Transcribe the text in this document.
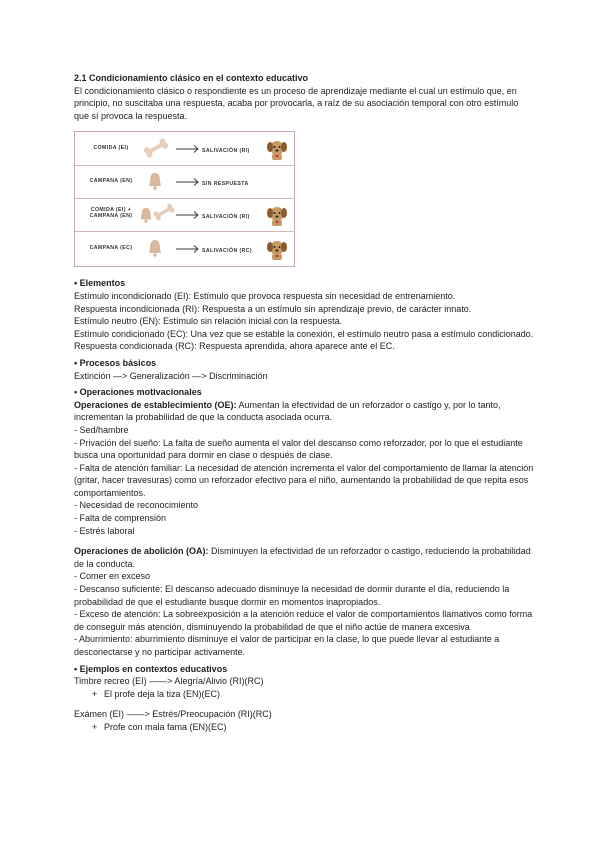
2.1 Condicionamiento clásico en el contexto educativo

El condicionamiento clásico o respondiente es un proceso de aprendizaje mediante el cual un estímulo que, en principio, no suscitaba una respuesta, acaba por provocarla, a raíz de su asociación temporal con otro estímulo que sí provoca la respuesta.

COMIDA (EI)	SALIVACIÓN (RI)
CAMPANA (EN)	SIN RESPUESTA
COMIDA (EI) + CAMPANA (EN)	SALIVACIÓN (RI)
CAMPANA (EC)	SALIVACIÓN (RC)

• Elementos

Estímulo incondicionado (EI): Estímulo que provoca respuesta sin necesidad de entrenamiento.

Respuesta incondicionada (RI): Respuesta a un estímulo sin aprendizaje previo, de carácter innato.

Estímulo neutro (EN): Estímulo sin relación inicial con la respuesta.

Estímulo condicionado (EC): Una vez que se estable la conexión, el estímulo neutro pasa a estímulo condicionado.

Respuesta condicionada (RC): Respuesta aprendida, ahora aparece ante el EC.

• Procesos básicos

Extinción —> Generalización —> Discriminación

• Operaciones motivacionales

Operaciones de establecimiento (OE): Aumentan la efectividad de un reforzador o castigo y, por lo tanto, incrementan la probabilidad de que la conducta asociada ocurra.

- Sed/hambre

- Privación del sueño: La falta de sueño aumenta el valor del descanso como reforzador, por lo que el estudiante busca una oportunidad para dormir en clase o después de clase.

- Falta de atención familiar: La necesidad de atención incrementa el valor del comportamiento de llamar la atención (gritar, hacer travesuras) como un reforzador efectivo para el niño, aumentando la probabilidad de que repita esos comportamientos.

- Necesidad de reconocimiento

- Falta de comprensión

- Estrés laboral

Operaciones de abolición (OA): Disminuyen la efectividad de un reforzador o castigo, reduciendo la probabilidad de la conducta.

- Comer en exceso

- Descanso suficiente: El descanso adecuado disminuye la necesidad de dormir durante el día, reduciendo la probabilidad de que el estudiante busque dormir en momentos inapropiados.

- Exceso de atención: La sobreexposición a la atención reduce el valor de comportamientos llamativos como forma de conseguir más atención, disminuyendo la probabilidad de que el niño actúe de manera excesiva

- Aburrimiento: aburrimiento disminuye el valor de participar en la clase, lo que puede llevar al estudiante a desconectarse y no participar activamente.

• Ejemplos en contextos educativos

Timbre recreo (EI) ——> Alegría/Alivio (RI)(RC)

+ El profe deja la tiza (EN)(EC)

Exámen (EI) ——> Estrés/Preocupación (RI)(RC)

+ Profe con mala fama (EN)(EC)
